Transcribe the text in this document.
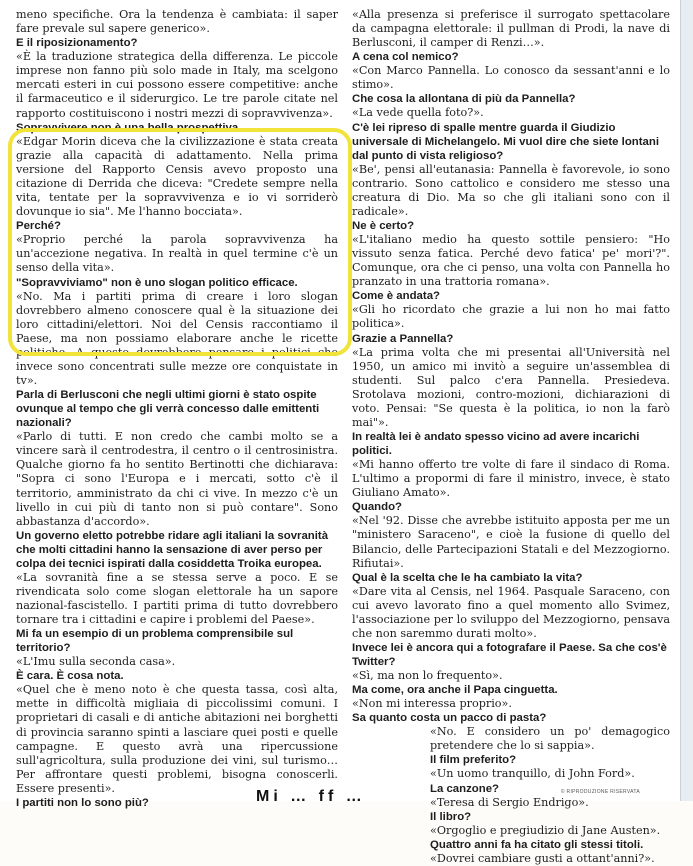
meno specifiche. Ora la tendenza è cambiata: il saper fare prevale sul sapere generico».

E il riposizionamento?

«È la traduzione strategica della differenza. Le piccole imprese non fanno più solo made in Italy, ma scelgono mercati esteri in cui possono essere competitive: anche il farmaceutico e il siderurgico. Le tre parole citate nel rapporto costituiscono i nostri mezzi di sopravvivenza».

Sopravvivere non è una bella prospettiva.

«Edgar Morin diceva che la civilizzazione è stata creata grazie alla capacità di adattamento. Nella prima versione del Rapporto Censis avevo proposto una citazione di Derrida che diceva: "Credete sempre nella vita, tentate per la sopravvivenza e io vi sorriderò dovunque io sia". Me l'hanno bocciata».

Perché?

«Proprio perché la parola sopravvivenza ha un'accezione negativa. In realtà in quel termine c'è un senso della vita».

"Sopravviviamo" non è uno slogan politico efficace.

«No. Ma i partiti prima di creare i loro slogan dovrebbero almeno conoscere qual è la situazione dei loro cittadini/elettori. Noi del Censis raccontiamo il Paese, ma non possiamo elaborare anche le ricette politiche. A questo dovrebbero pensare i politici che invece sono concentrati sulle mezze ore conquistate in tv».

Parla di Berlusconi che negli ultimi giorni è stato ospite ovunque al tempo che gli verrà concesso dalle emittenti nazionali?

«Parlo di tutti. E non credo che cambi molto se a vincere sarà il centrodestra, il centro o il centrosinistra. Qualche giorno fa ho sentito Bertinotti che dichiarava: "Sopra ci sono l'Europa e i mercati, sotto c'è il territorio, amministrato da chi ci vive. In mezzo c'è un livello in cui più di tanto non si può contare". Sono abbastanza d'accordo».

Un governo eletto potrebbe ridare agli italiani la sovranità che molti cittadini hanno la sensazione di aver perso per colpa dei tecnici ispirati dalla cosiddetta Troika europea.

«La sovranità fine a se stessa serve a poco. E se rivendicata solo come slogan elettorale ha un sapore nazional-fascistello. I partiti prima di tutto dovrebbero tornare tra i cittadini e capire i problemi del Paese».

Mi fa un esempio di un problema comprensibile sul territorio?

«L'Imu sulla seconda casa».

È cara. È cosa nota.

«Quel che è meno noto è che questa tassa, così alta, mette in difficoltà migliaia di piccolissimi comuni. I proprietari di casali e di antiche abitazioni nei borghetti di provincia saranno spinti a lasciare quei posti e quelle campagne. E questo avrà una ripercussione sull'agricoltura, sulla produzione dei vini, sul turismo… Per affrontare questi problemi, bisogna conoscerli. Essere presenti».

I partiti non lo sono più?

«Alla presenza si preferisce il surrogato spettacolare da campagna elettorale: il pullman di Prodi, la nave di Berlusconi, il camper di Renzi…».

A cena col nemico?

«Con Marco Pannella. Lo conosco da sessant'anni e lo stimo».

Che cosa la allontana di più da Pannella?

«La vede quella foto?».

C'è lei ripreso di spalle mentre guarda il Giudizio universale di Michelangelo. Mi vuol dire che siete lontani dal punto di vista religioso?

«Be', pensi all'eutanasia: Pannella è favorevole, io sono contrario. Sono cattolico e considero me stesso una creatura di Dio. Ma so che gli italiani sono con il radicale».

Ne è certo?

«L'italiano medio ha questo sottile pensiero: "Ho vissuto senza fatica. Perché devo fatica' pe' mori'?". Comunque, ora che ci penso, una volta con Pannella ho pranzato in una trattoria romana».

Come è andata?

«Gli ho ricordato che grazie a lui non ho mai fatto politica».

Grazie a Pannella?

«La prima volta che mi presentai all'Università nel 1950, un amico mi invitò a seguire un'assemblea di studenti. Sul palco c'era Pannella. Presiedeva. Srotolava mozioni, contro-mozioni, dichiarazioni di voto. Pensai: "Se questa è la politica, io non la farò mai"».

In realtà lei è andato spesso vicino ad avere incarichi politici.

«Mi hanno offerto tre volte di fare il sindaco di Roma. L'ultimo a propormi di fare il ministro, invece, è stato Giuliano Amato».

Quando?

«Nel '92. Disse che avrebbe istituito apposta per me un "ministero Saraceno", e cioè la fusione di quello del Bilancio, delle Partecipazioni Statali e del Mezzogiorno. Rifiutai».

Qual è la scelta che le ha cambiato la vita?

«Dare vita al Censis, nel 1964. Pasquale Saraceno, con cui avevo lavorato fino a quel momento allo Svimez, l'associazione per lo sviluppo del Mezzogiorno, pensava che non saremmo durati molto».

Invece lei è ancora qui a fotografare il Paese. Sa che cos'è Twitter?

«Sì, ma non lo frequento».

Ma come, ora anche il Papa cinguetta.

«Non mi interessa proprio».

Sa quanto costa un pacco di pasta?

«No. E considero un po' demagogico pretendere che lo si sappia».

Il film preferito?

«Un uomo tranquillo, di John Ford».

La canzone?

«Teresa di Sergio Endrigo».

Il libro?

«Orgoglio e pregiudizio di Jane Austen».

Quattro anni fa ha citato gli stessi titoli.

«Dovrei cambiare gusti a ottant'anni?».

© RIPRODUZIONE RISERVATA
Mi … ff …
